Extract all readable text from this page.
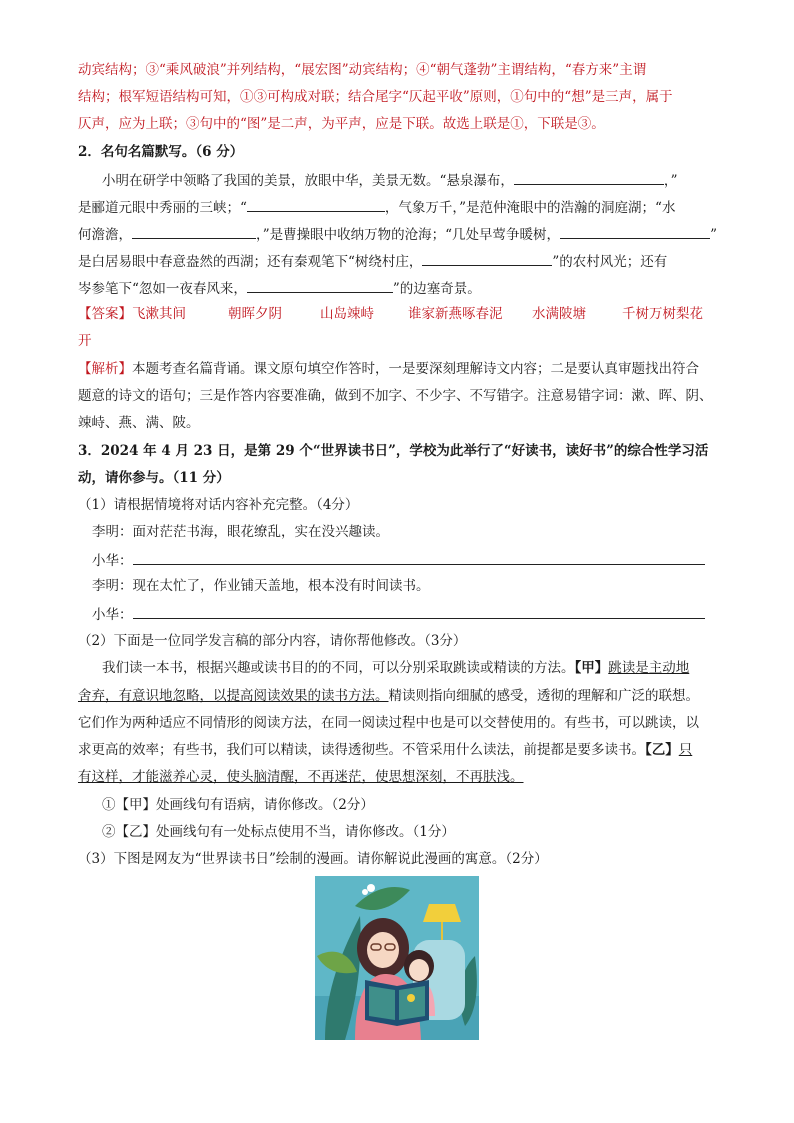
动宾结构；③“乘风破浪”并列结构，“展宏图”动宾结构；④“朝气蓬勃”主谓结构，“春方来”主谓
结构；根军短语结构可知，①③可构成对联；结合尾字“仄起平收”原则，①句中的“想”是三声，属于
仄声，应为上联；③句中的“图”是二声，为平声，应是下联。故选上联是①，下联是③。
2．名句名篇默写。（6 分）
小明在研学中领略了我国的美景，放眼中华，美景无数。“悬泉瀑布，	，”
是郦道元眼中秀丽的三峡；“	，气象万千，”是范仲淹眼中的浩瀚的洞庭湖；“水
何澹澹，	，”是曹操眼中收纳万物的沧海；“几处早莺争暖树，	”
是白居易眼中春意盎然的西湖；还有秦观笔下“树绕村庄，	”的农村风光；还有
岑参笔下“忽如一夜春风来，	”的边塞奇景。
【答案】飞漱其间	朝晖夕阴	山岛竦峙	谁家新燕啄春泥 水满陂塘	千树万树梨花
开
【解析】本题考查名篇背诵。课文原句填空作答时，一是要深刻理解诗文内容；二是要认真审题找出符合
题意的诗文的语句；三是作答内容要准确，做到不加字、不少字、不写错字。注意易错字词：漱、晖、阴、
竦峙、燕、满、陂。
3．2024 年 4 月 23 日，是第 29 个“世界读书日”，学校为此举行了“好读书，读好书”的综合性学习活
动，请你参与。（11 分）
（1）请根据情境将对话内容补充完整。（4分）
李明：面对茫茫书海，眼花缭乱，实在没兴趣读。
小华：
李明：现在太忙了，作业铺天盖地，根本没有时间读书。
小华：
（2）下面是一位同学发言稿的部分内容，请你帮他修改。（3分）
我们读一本书，根据兴趣或读书目的的不同，可以分别采取跳读或精读的方法。【甲】跳读是主动地
舍弃，有意识地忽略，以提高阅读效果的读书方法。精读则指向细腻的感受，透彻的理解和广泛的联想。
它们作为两种适应不同情形的阅读方法，在同一阅读过程中也是可以交替使用的。有些书，可以跳读，以
求更高的效率；有些书，我们可以精读，读得透彻些。不管采用什么读法，前提都是要多读书。【乙】只
有这样，才能滋养心灵，使头脑清醒，不再迷茫，使思想深刻，不再肤浅。
①【甲】处画线句有语病，请你修改。（2分）
②【乙】处画线句有一处标点使用不当，请你修改。（1分）
（3）下图是网友为“世界读书日”绘制的漫画。请你解说此漫画的寓意。（2分）
